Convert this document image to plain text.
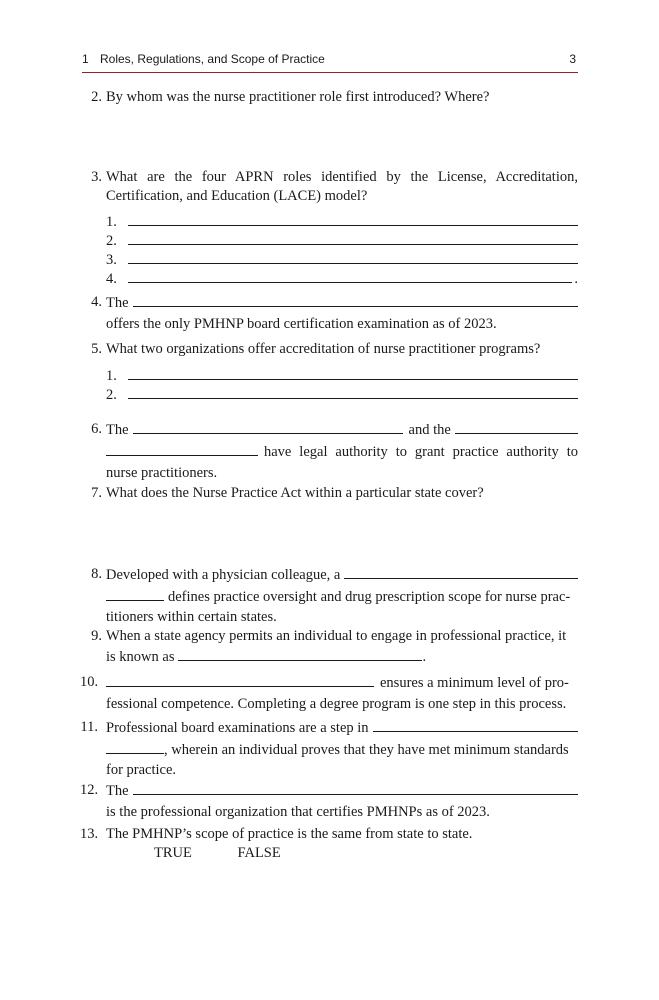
1 Roles, Regulations, and Scope of Practice	3
2. By whom was the nurse practitioner role first introduced? Where?
3. What are the four APRN roles identified by the License, Accreditation, Certification, and Education (LACE) model?
1.
2.
3.
4.	.
4. The
offers the only PMHNP board certification examination as of 2023.
5. What two organizations offer accreditation of nurse practitioner programs?
1.
2.
6. The	and the
have legal authority to grant practice authority to
nurse practitioners.
7. What does the Nurse Practice Act within a particular state cover?
8. Developed with a physician colleague, a
defines practice oversight and drug prescription scope for nurse prac-
titioners within certain states.
9. When a state agency permits an individual to engage in professional practice, it
is known as	.
10.	ensures a minimum level of pro-
fessional competence. Completing a degree program is one step in this process.
11. Professional board examinations are a step in
, wherein an individual proves that they have met minimum standards
for practice.
12. The
is the professional organization that certifies PMHNPs as of 2023.
13. The PMHNP’s scope of practice is the same from state to state.
TRUE	FALSE
